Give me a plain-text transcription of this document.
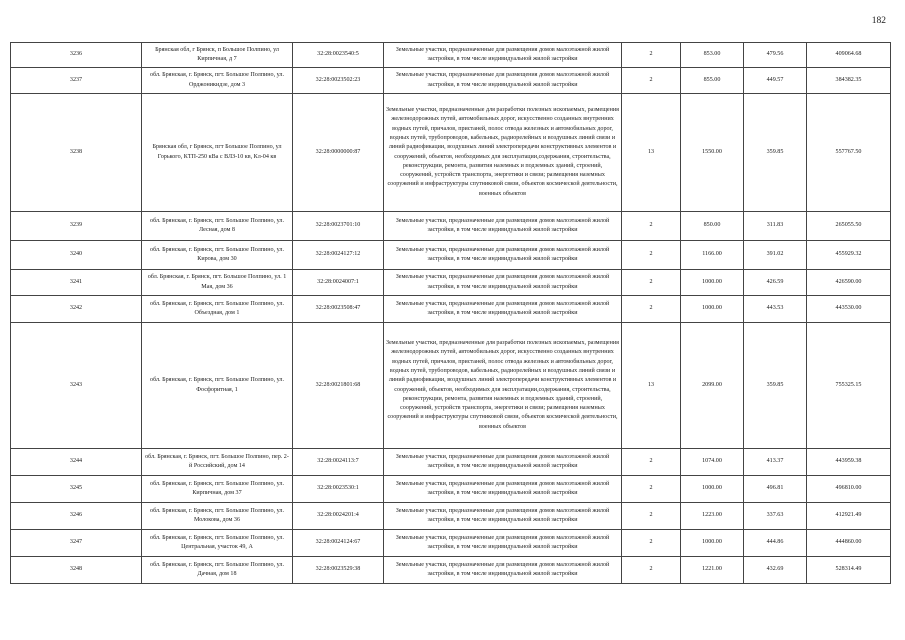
182
3236	Брянская обл, г Брянск, п Большое Полпино, ул Кирпичная, д 7	32:28:0023540:5	Земельные участки, предназначенные для размещения домов малоэтажной жилой застройки, в том числе индивидуальной жилой застройки	2	853.00	479.56	409064.68
3237	обл. Брянская, г. Брянск, пгт. Большое Полпино, ул. Орджоникидзе, дом 3	32:28:0023502:23	Земельные участки, предназначенные для размещения домов малоэтажной жилой застройки, в том числе индивидуальной жилой застройки	2	855.00	449.57	384382.35
3238	Брянская обл, г Брянск, пгт Большое Полпино, ул Горького, КТП-250 кВа с ВЛЗ-10 кв, Кл-04 кв	32:28:0000000:87	Земельные участки, предназначенные для разработки полезных ископаемых, размещения железнодорожных путей, автомобильных дорог, искусственно созданных внутренних водных путей, причалов, пристаней, полос отвода железных и автомобильных дорог, водных путей, трубопроводов, кабельных, радиорелейных и воздушных линий связи и линий радиофикации, воздушных линий электропередачи конструктивных элементов и сооружений, объектов, необходимых для эксплуатации,содержания, строительства, реконструкции, ремонта, развития наземных и подземных зданий, строений, сооружений, устройств транспорта, энергетики и связи; размещения наземных сооружений и инфраструктуры спутниковой связи, объектов космической деятельности, военных объектов	13	1550.00	359.85	557767.50
3239	обл. Брянская, г. Брянск, пгт. Большое Полпино, ул. Лесная, дом 8	32:28:0023701:10	Земельные участки, предназначенные для размещения домов малоэтажной жилой застройки, в том числе индивидуальной жилой застройки	2	850.00	311.83	265055.50
3240	обл. Брянская, г. Брянск, пгт. Большое Полпино, ул. Кирова, дом 30	32:28:0024127:12	Земельные участки, предназначенные для размещения домов малоэтажной жилой застройки, в том числе индивидуальной жилой застройки	2	1166.00	391.02	455929.32
3241	обл. Брянская, г. Брянск, пгт. Большое Полпино, ул. 1 Мая, дом 36	32:28:0024007:1	Земельные участки, предназначенные для размещения домов малоэтажной жилой застройки, в том числе индивидуальной жилой застройки	2	1000.00	426.59	426590.00
3242	обл. Брянская, г. Брянск, пгт. Большое Полпино, ул. Объездная, дом 1	32:28:0023508:47	Земельные участки, предназначенные для размещения домов малоэтажной жилой застройки, в том числе индивидуальной жилой застройки	2	1000.00	443.53	443530.00
3243	обл. Брянская, г. Брянск, пгт. Большое Полпино, ул. Фосфоритная, 1	32:28:0021801:68	Земельные участки, предназначенные для разработки полезных ископаемых, размещения железнодорожных путей, автомобильных дорог, искусственно созданных внутренних водных путей, причалов, пристаней, полос отвода железных и автомобильных дорог, водных путей, трубопроводов, кабельных, радиорелейных и воздушных линий связи и линий радиофикации, воздушных линий электропередачи конструктивных элементов и сооружений, объектов, необходимых для эксплуатации,содержания, строительства, реконструкции, ремонта, развития наземных и подземных зданий, строений, сооружений, устройств транспорта, энергетики и связи; размещения наземных сооружений и инфраструктуры спутниковой связи, объектов космической деятельности, военных объектов	13	2099.00	359.85	755325.15
3244	обл. Брянская, г. Брянск, пгт. Большое Полпино, пер. 2-й Российский, дом 14	32:28:0024113:7	Земельные участки, предназначенные для размещения домов малоэтажной жилой застройки, в том числе индивидуальной жилой застройки	2	1074.00	413.37	443959.38
3245	обл. Брянская, г. Брянск, пгт. Большое Полпино, ул. Кирпичная, дом 37	32:28:0023530:1	Земельные участки, предназначенные для размещения домов малоэтажной жилой застройки, в том числе индивидуальной жилой застройки	2	1000.00	496.81	496810.00
3246	обл. Брянская, г. Брянск, пгт. Большое Полпино, ул. Молокова, дом 36	32:28:0024201:4	Земельные участки, предназначенные для размещения домов малоэтажной жилой застройки, в том числе индивидуальной жилой застройки	2	1223.00	337.63	412921.49
3247	обл. Брянская, г. Брянск, пгт. Большое Полпино, ул. Центральная, участок 49, А	32:28:0024124:67	Земельные участки, предназначенные для размещения домов малоэтажной жилой застройки, в том числе индивидуальной жилой застройки	2	1000.00	444.86	444860.00
3248	обл. Брянская, г. Брянск, пгт. Большое Полпино, ул. Дачная, дом 18	32:28:0023529:38	Земельные участки, предназначенные для размещения домов малоэтажной жилой застройки, в том числе индивидуальной жилой застройки	2	1221.00	432.69	528314.49
